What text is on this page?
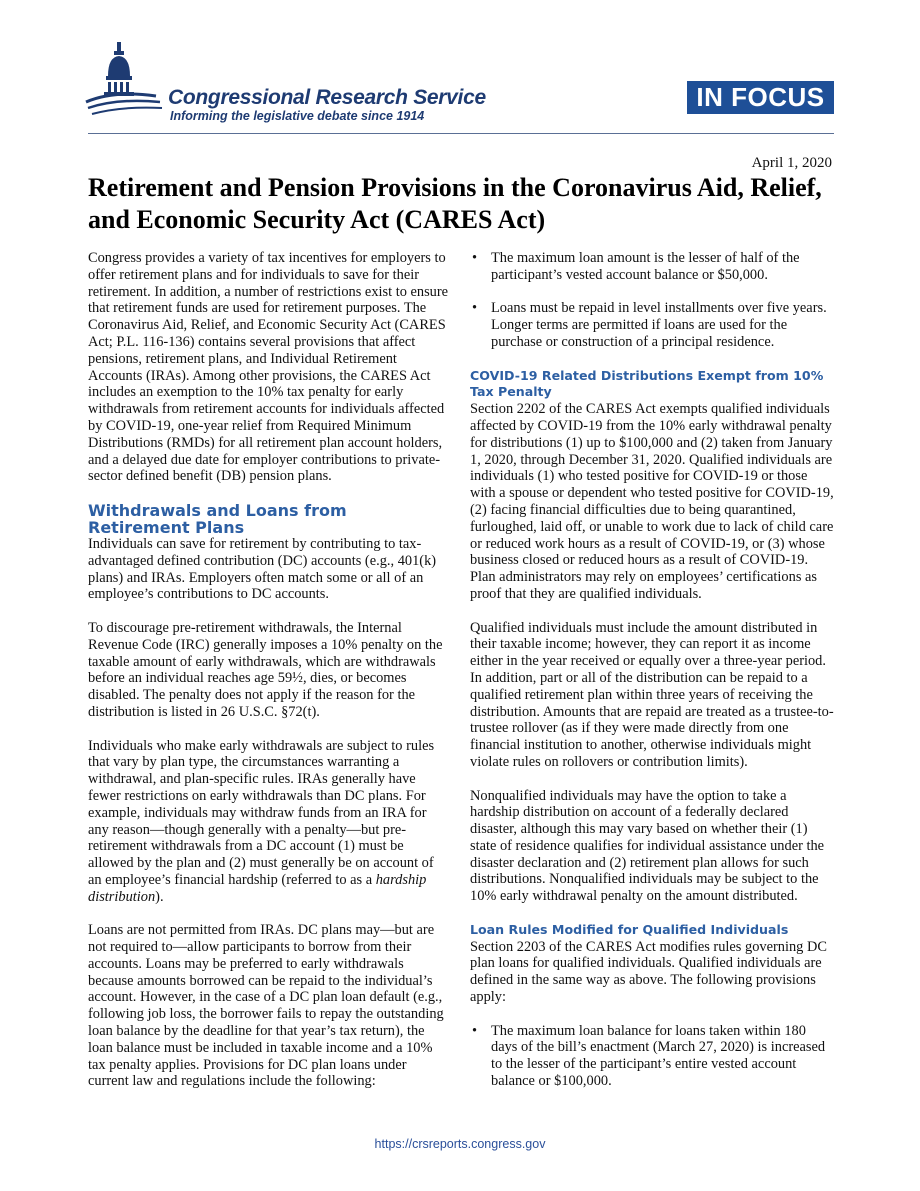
Congressional Research Service
Informing the legislative debate since 1914
IN FOCUS
April 1, 2020
Retirement and Pension Provisions in the Coronavirus Aid, Relief, and Economic Security Act (CARES Act)

Congress provides a variety of tax incentives for employers to offer retirement plans and for individuals to save for their retirement. In addition, a number of restrictions exist to ensure that retirement funds are used for retirement purposes. The Coronavirus Aid, Relief, and Economic Security Act (CARES Act; P.L. 116-136) contains several provisions that affect pensions, retirement plans, and Individual Retirement Accounts (IRAs). Among other provisions, the CARES Act includes an exemption to the 10% tax penalty for early withdrawals from retirement accounts for individuals affected by COVID-19, one-year relief from Required Minimum Distributions (RMDs) for all retirement plan account holders, and a delayed due date for employer contributions to private-sector defined benefit (DB) pension plans.

Withdrawals and Loans from Retirement Plans

Individuals can save for retirement by contributing to tax-advantaged defined contribution (DC) accounts (e.g., 401(k) plans) and IRAs. Employers often match some or all of an employee’s contributions to DC accounts.

To discourage pre-retirement withdrawals, the Internal Revenue Code (IRC) generally imposes a 10% penalty on the taxable amount of early withdrawals, which are withdrawals before an individual reaches age 59½, dies, or becomes disabled. The penalty does not apply if the reason for the distribution is listed in 26 U.S.C. §72(t).

Individuals who make early withdrawals are subject to rules that vary by plan type, the circumstances warranting a withdrawal, and plan-specific rules. IRAs generally have fewer restrictions on early withdrawals than DC plans. For example, individuals may withdraw funds from an IRA for any reason—though generally with a penalty—but pre-retirement withdrawals from a DC account (1) must be allowed by the plan and (2) must generally be on account of an employee’s financial hardship (referred to as a hardship distribution).

Loans are not permitted from IRAs. DC plans may—but are not required to—allow participants to borrow from their accounts. Loans may be preferred to early withdrawals because amounts borrowed can be repaid to the individual’s account. However, in the case of a DC plan loan default (e.g., following job loss, the borrower fails to repay the outstanding loan balance by the deadline for that year’s tax return), the loan balance must be included in taxable income and a 10% tax penalty applies. Provisions for DC plan loans under current law and regulations include the following:

• The maximum loan amount is the lesser of half of the participant’s vested account balance or $50,000.
• Loans must be repaid in level installments over five years. Longer terms are permitted if loans are used for the purchase or construction of a principal residence.
COVID-19 Related Distributions Exempt from 10% Tax Penalty

Section 2202 of the CARES Act exempts qualified individuals affected by COVID-19 from the 10% early withdrawal penalty for distributions (1) up to $100,000 and (2) taken from January 1, 2020, through December 31, 2020. Qualified individuals are individuals (1) who tested positive for COVID-19 or those with a spouse or dependent who tested positive for COVID-19, (2) facing financial difficulties due to being quarantined, furloughed, laid off, or unable to work due to lack of child care or reduced work hours as a result of COVID-19, or (3) whose business closed or reduced hours as a result of COVID-19. Plan administrators may rely on employees’ certifications as proof that they are qualified individuals.

Qualified individuals must include the amount distributed in their taxable income; however, they can report it as income either in the year received or equally over a three-year period. In addition, part or all of the distribution can be repaid to a qualified retirement plan within three years of receiving the distribution. Amounts that are repaid are treated as a trustee-to-trustee rollover (as if they were made directly from one financial institution to another, otherwise individuals might violate rules on rollovers or contribution limits).

Nonqualified individuals may have the option to take a hardship distribution on account of a federally declared disaster, although this may vary based on whether their (1) state of residence qualifies for individual assistance under the disaster declaration and (2) retirement plan allows for such distributions. Nonqualified individuals may be subject to the 10% early withdrawal penalty on the amount distributed.

Loan Rules Modified for Qualified Individuals

Section 2203 of the CARES Act modifies rules governing DC plan loans for qualified individuals. Qualified individuals are defined in the same way as above. The following provisions apply:

• The maximum loan balance for loans taken within 180 days of the bill’s enactment (March 27, 2020) is increased to the lesser of the participant’s entire vested account balance or $100,000.
https://crsreports.congress.gov
